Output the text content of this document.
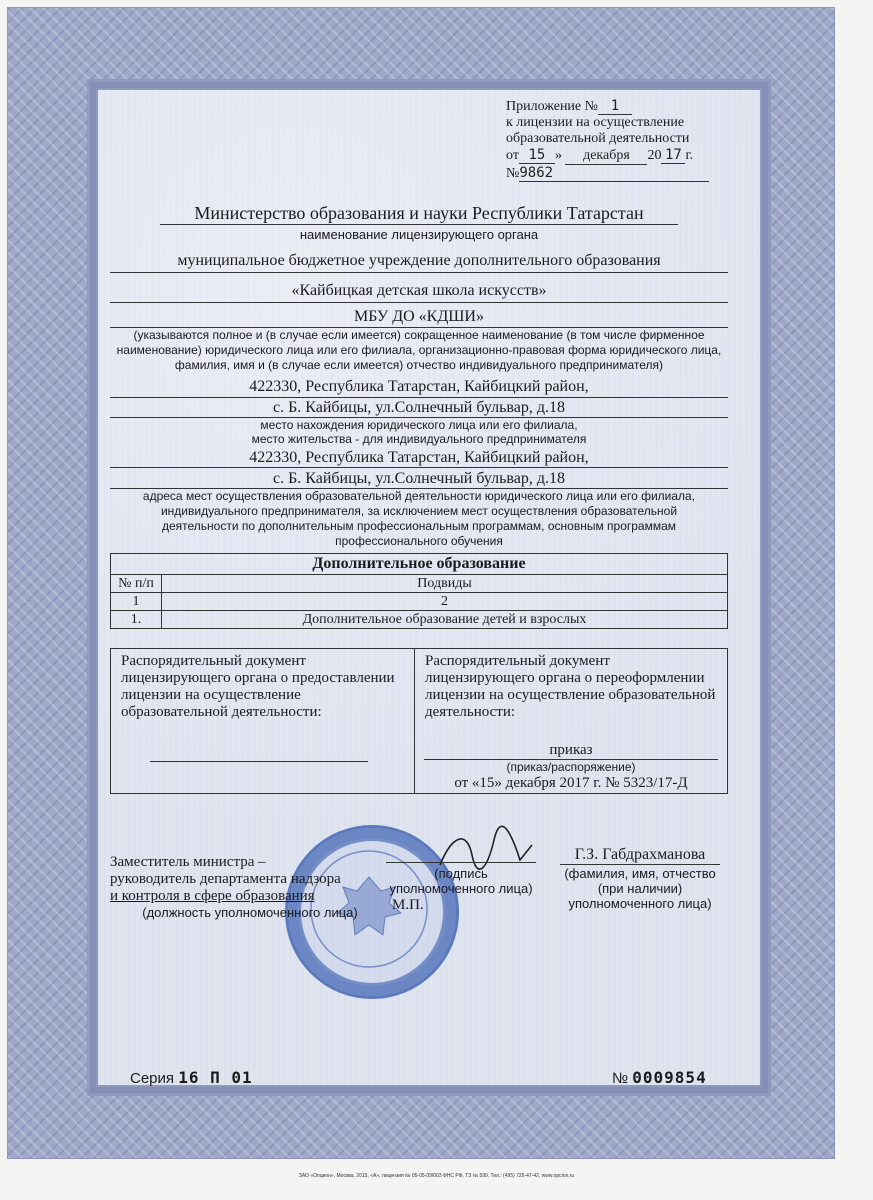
Приложение № 1
к лицензии на осуществление
образовательной деятельности
от 15 » декабря 20 17 г.
№9862
Министерство образования и науки Республики Татарстан
наименование лицензирующего органа
муниципальное бюджетное учреждение дополнительного образования
«Кайбицкая детская школа искусств»
МБУ ДО «КДШИ»
(указываются полное и (в случае если имеется) сокращенное наименование (в том числе фирменное наименование) юридического лица или его филиала, организационно-правовая форма юридического лица, фамилия, имя и (в случае если имеется) отчество индивидуального предпринимателя)
422330, Республика Татарстан, Кайбицкий район,
с. Б. Кайбицы, ул.Солнечный бульвар, д.18
место нахождения юридического лица или его филиала,
место жительства - для индивидуального предпринимателя
422330, Республика Татарстан, Кайбицкий район,
с. Б. Кайбицы, ул.Солнечный бульвар, д.18
адреса мест осуществления образовательной деятельности юридического лица или его филиала, индивидуального предпринимателя, за исключением мест осуществления образовательной деятельности по дополнительным профессиональным программам, основным программам профессионального обучения
Дополнительное образование	
№ п/п	Подвиды
1	2
1.	Дополнительное образование детей и взрослых
Распорядительный документ лицензирующего органа о предоставлении лицензии на осуществление образовательной деятельности:
Распорядительный документ лицензирующего органа о переоформлении лицензии на осуществление образовательной деятельности:
приказ
(приказ/распоряжение)
от «15» декабря 2017 г. № 5323/17-Д
Заместитель министра –
руководитель департамента надзора
и контроля в сфере образования
(должность уполномоченного лица)
(подпись
уполномоченного лица)
М.П.
Г.З. Габдрахманова
(фамилия, имя, отчество
(при наличии)
уполномоченного лица)
Серия 16 П 01	№ 0009854
ЗАО «Опцион», Москва, 2015, «А», лицензия № 05-05-09/003 ФНС РФ, ТЗ № 599. Тел.: (495) 726-47-42, www.opcion.ru
